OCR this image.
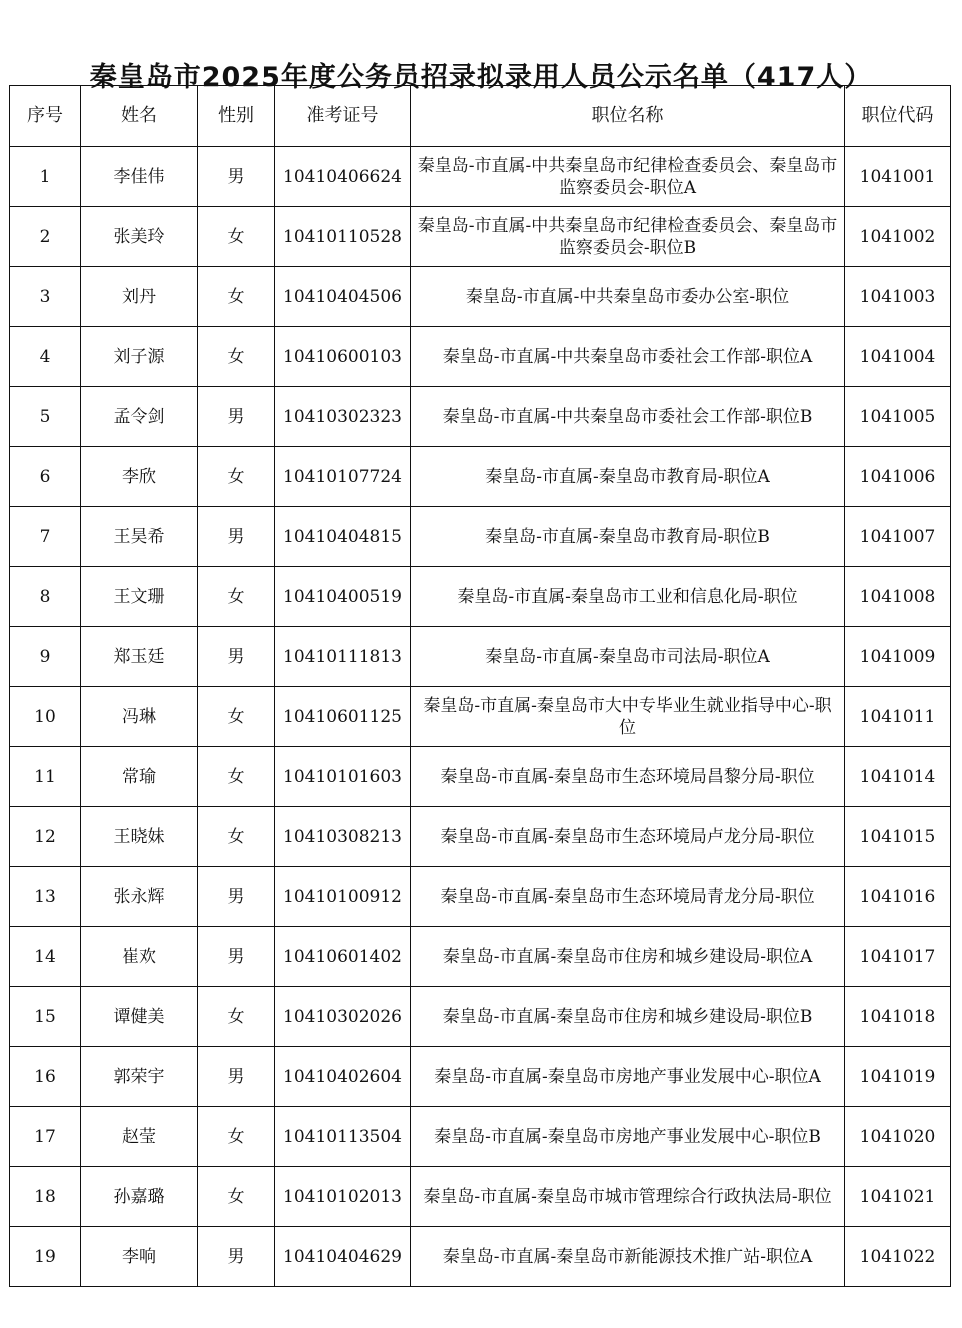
秦皇岛市2025年度公务员招录拟录用人员公示名单（417人）
序号	姓名	性别	准考证号	职位名称	职位代码
1	李佳伟	男	10410406624	秦皇岛-市直属-中共秦皇岛市纪律检查委员会、秦皇岛市监察委员会-职位A	1041001
2	张美玲	女	10410110528	秦皇岛-市直属-中共秦皇岛市纪律检查委员会、秦皇岛市监察委员会-职位B	1041002
3	刘丹	女	10410404506	秦皇岛-市直属-中共秦皇岛市委办公室-职位	1041003
4	刘子源	女	10410600103	秦皇岛-市直属-中共秦皇岛市委社会工作部-职位A	1041004
5	孟令剑	男	10410302323	秦皇岛-市直属-中共秦皇岛市委社会工作部-职位B	1041005
6	李欣	女	10410107724	秦皇岛-市直属-秦皇岛市教育局-职位A	1041006
7	王昊希	男	10410404815	秦皇岛-市直属-秦皇岛市教育局-职位B	1041007
8	王文珊	女	10410400519	秦皇岛-市直属-秦皇岛市工业和信息化局-职位	1041008
9	郑玉廷	男	10410111813	秦皇岛-市直属-秦皇岛市司法局-职位A	1041009
10	冯琳	女	10410601125	秦皇岛-市直属-秦皇岛市大中专毕业生就业指导中心-职位	1041011
11	常瑜	女	10410101603	秦皇岛-市直属-秦皇岛市生态环境局昌黎分局-职位	1041014
12	王晓妹	女	10410308213	秦皇岛-市直属-秦皇岛市生态环境局卢龙分局-职位	1041015
13	张永辉	男	10410100912	秦皇岛-市直属-秦皇岛市生态环境局青龙分局-职位	1041016
14	崔欢	男	10410601402	秦皇岛-市直属-秦皇岛市住房和城乡建设局-职位A	1041017
15	谭健美	女	10410302026	秦皇岛-市直属-秦皇岛市住房和城乡建设局-职位B	1041018
16	郭荣宇	男	10410402604	秦皇岛-市直属-秦皇岛市房地产事业发展中心-职位A	1041019
17	赵莹	女	10410113504	秦皇岛-市直属-秦皇岛市房地产事业发展中心-职位B	1041020
18	孙嘉璐	女	10410102013	秦皇岛-市直属-秦皇岛市城市管理综合行政执法局-职位	1041021
19	李响	男	10410404629	秦皇岛-市直属-秦皇岛市新能源技术推广站-职位A	1041022
